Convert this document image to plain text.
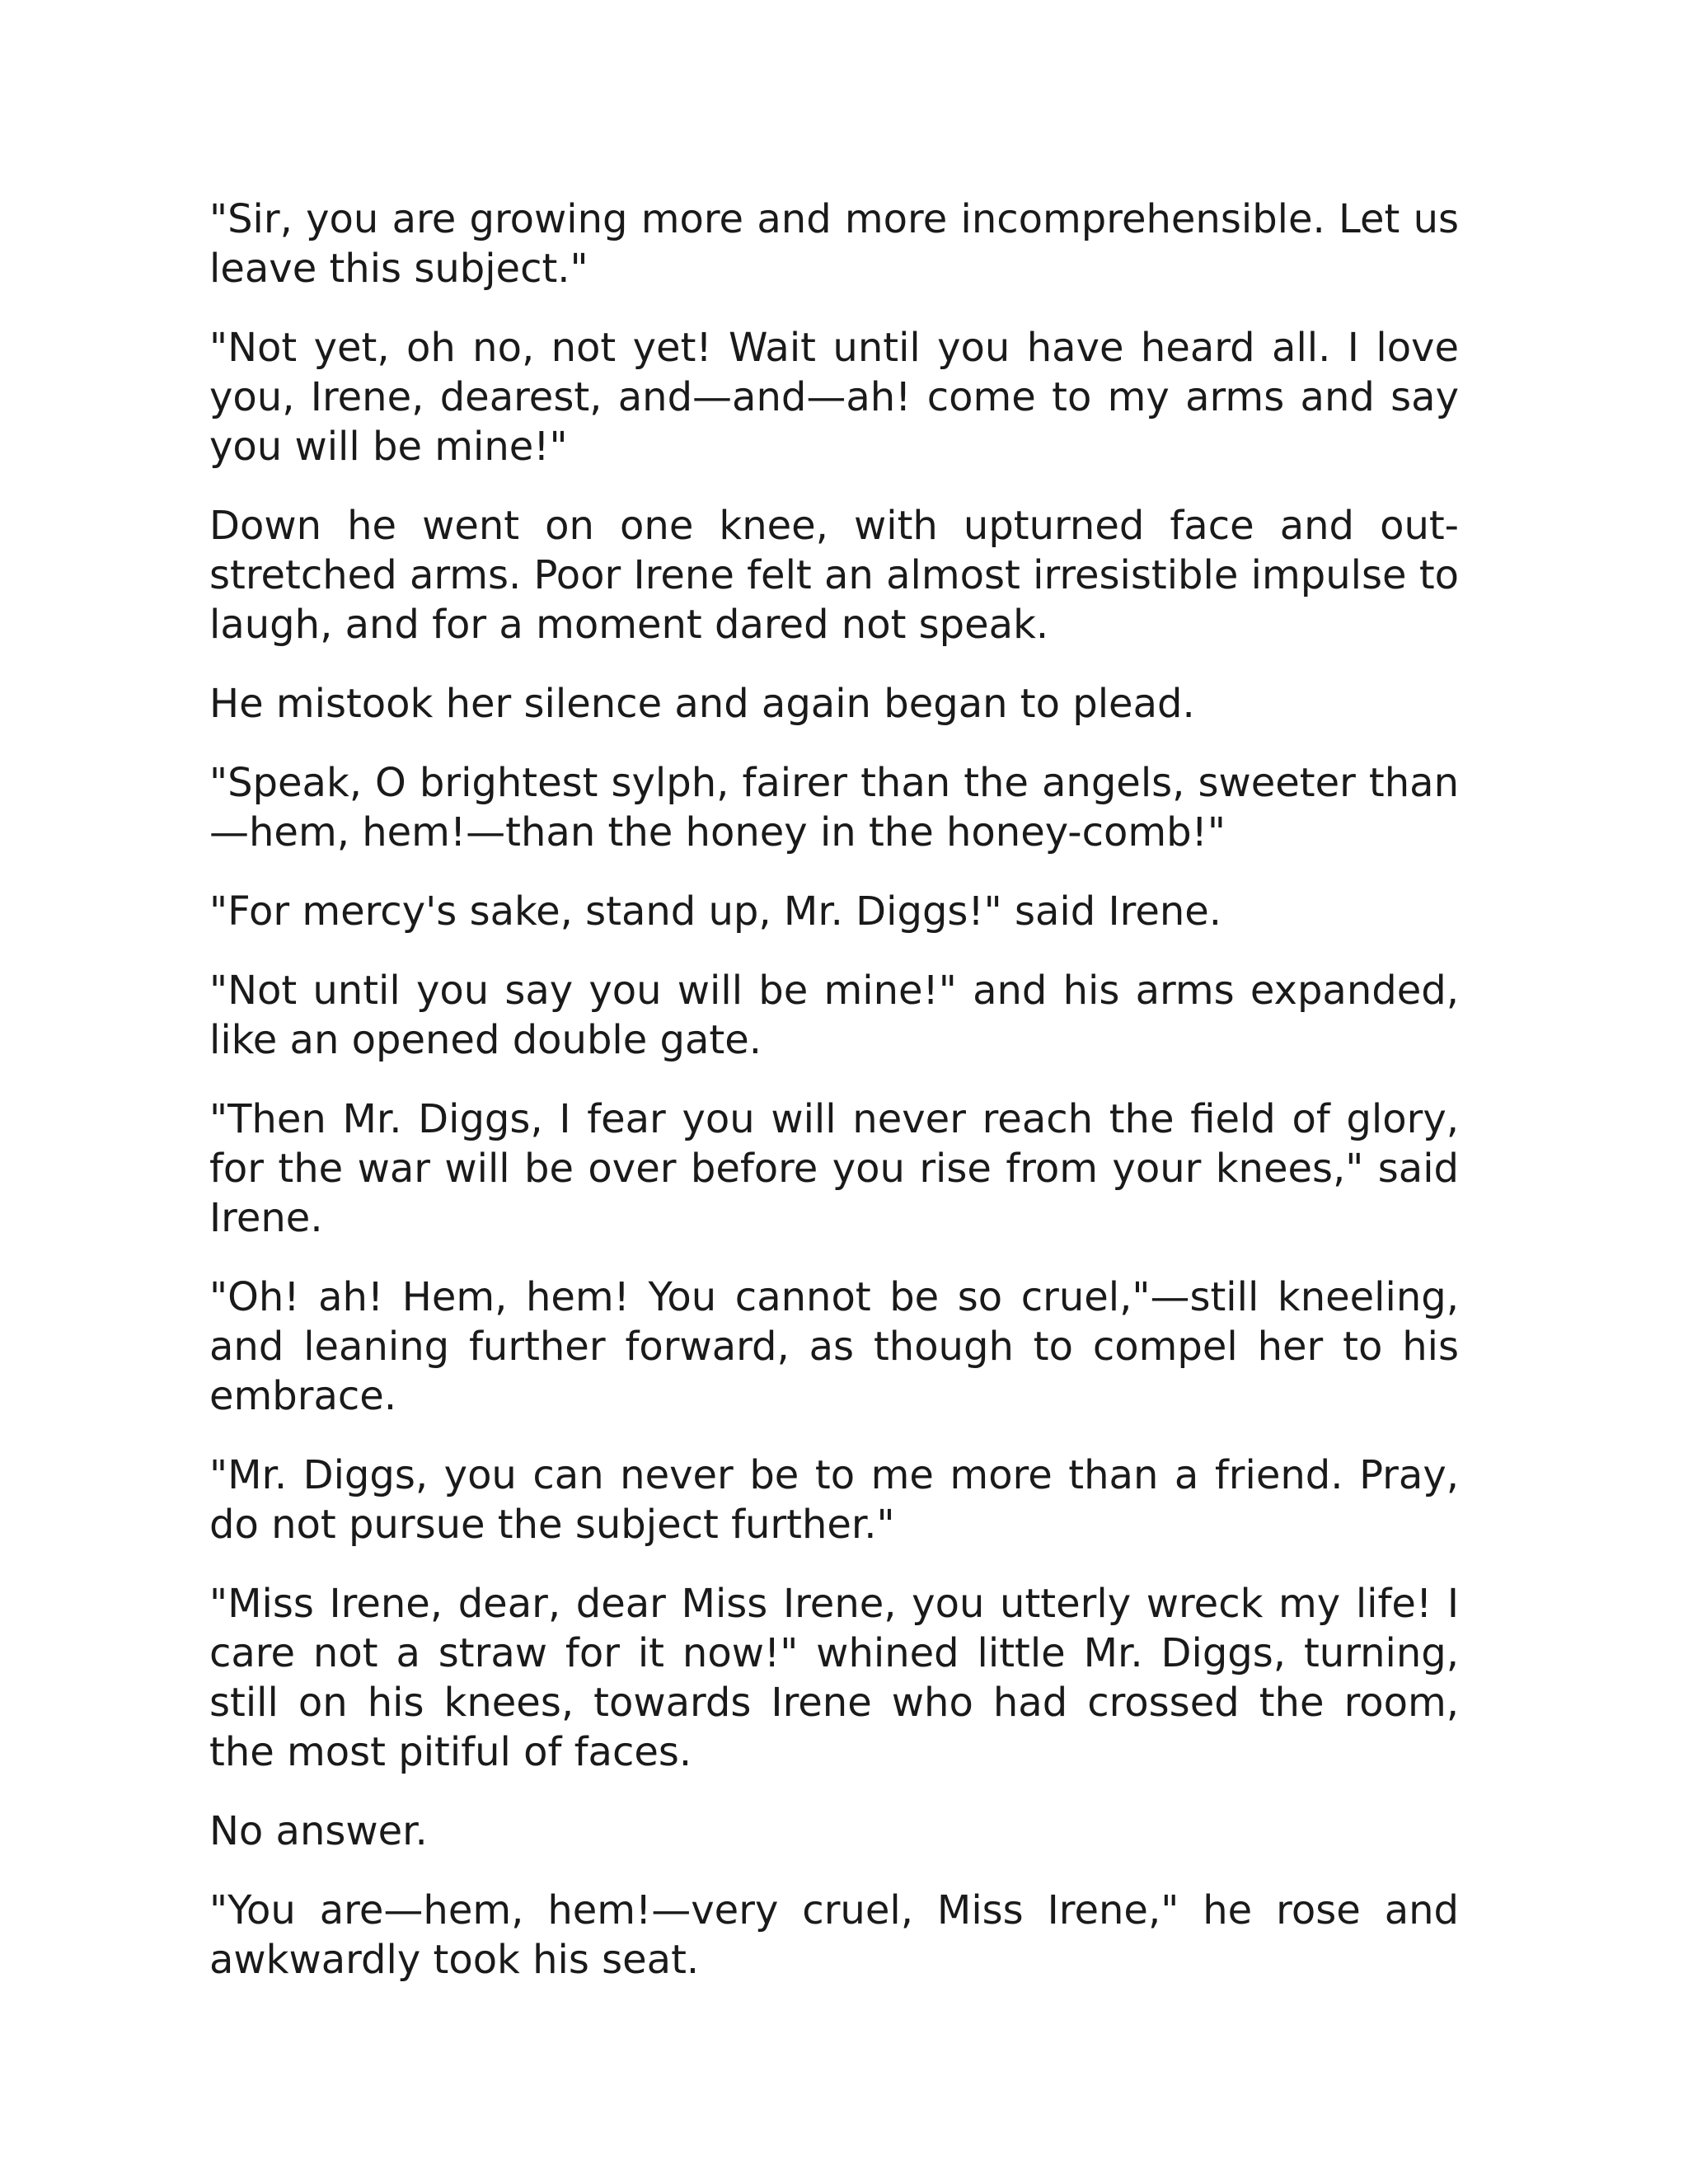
"Sir, you are growing more and more incomprehensible. Let us leave this subject."

"Not yet, oh no, not yet! Wait until you have heard all. I love you, Irene, dearest, and—and—ah! come to my arms and say you will be mine!"

Down he went on one knee, with upturned face and out-stretched arms. Poor Irene felt an almost irresistible impulse to laugh, and for a moment dared not speak.

He mistook her silence and again began to plead.

"Speak, O brightest sylph, fairer than the angels, sweeter than—hem, hem!—than the honey in the honey-comb!"

"For mercy's sake, stand up, Mr. Diggs!" said Irene.

"Not until you say you will be mine!" and his arms expanded, like an opened double gate.

"Then Mr. Diggs, I fear you will never reach the field of glory, for the war will be over before you rise from your knees," said Irene.

"Oh! ah! Hem, hem! You cannot be so cruel,"—still kneeling, and leaning further forward, as though to compel her to his embrace.

"Mr. Diggs, you can never be to me more than a friend. Pray, do not pursue the subject further."

"Miss Irene, dear, dear Miss Irene, you utterly wreck my life! I care not a straw for it now!" whined little Mr. Diggs, turning, still on his knees, towards Irene who had crossed the room, the most pitiful of faces.

No answer.

"You are—hem, hem!—very cruel, Miss Irene," he rose and awkwardly took his seat.
